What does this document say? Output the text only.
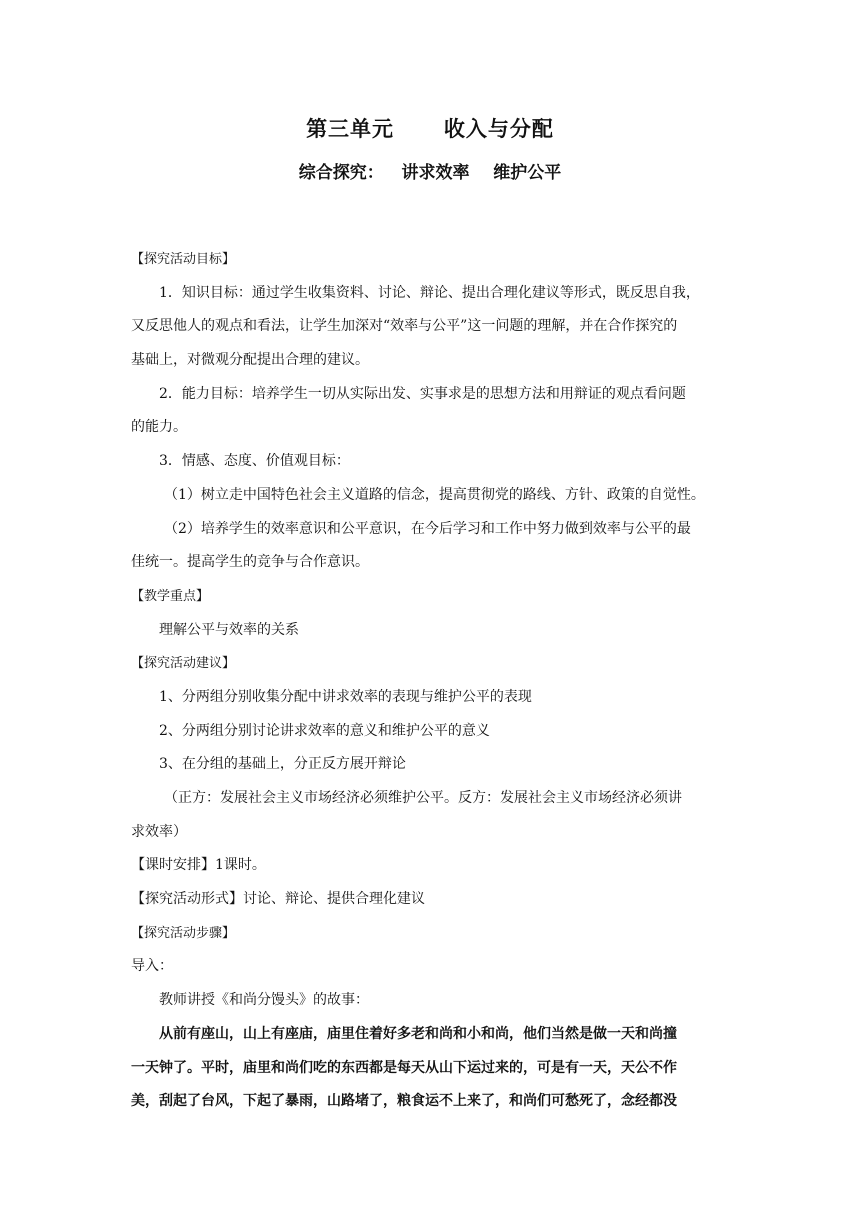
第三单元      收入与分配
综合探究：   讲求效率    维护公平

【探究活动目标】

1．知识目标：通过学生收集资料、讨论、辩论、提出合理化建议等形式，既反思自我，

又反思他人的观点和看法，让学生加深对“效率与公平”这一问题的理解，并在合作探究的

基础上，对微观分配提出合理的建议。

2．能力目标：培养学生一切从实际出发、实事求是的思想方法和用辩证的观点看问题

的能力。

3．情感、态度、价值观目标：

（1）树立走中国特色社会主义道路的信念，提高贯彻党的路线、方针、政策的自觉性。

（2）培养学生的效率意识和公平意识，在今后学习和工作中努力做到效率与公平的最

佳统一。提高学生的竞争与合作意识。

【教学重点】

理解公平与效率的关系

【探究活动建议】

1、分两组分别收集分配中讲求效率的表现与维护公平的表现

2、分两组分别讨论讲求效率的意义和维护公平的意义

3、在分组的基础上，分正反方展开辩论

（正方：发展社会主义市场经济必须维护公平。反方：发展社会主义市场经济必须讲

求效率）

【课时安排】1课时。

【探究活动形式】讨论、辩论、提供合理化建议

【探究活动步骤】

导入：

教师讲授《和尚分馒头》的故事：

从前有座山，山上有座庙，庙里住着好多老和尚和小和尚，他们当然是做一天和尚撞

一天钟了。平时，庙里和尚们吃的东西都是每天从山下运过来的，可是有一天，天公不作

美，刮起了台风，下起了暴雨，山路堵了，粮食运不上来了，和尚们可愁死了，念经都没
